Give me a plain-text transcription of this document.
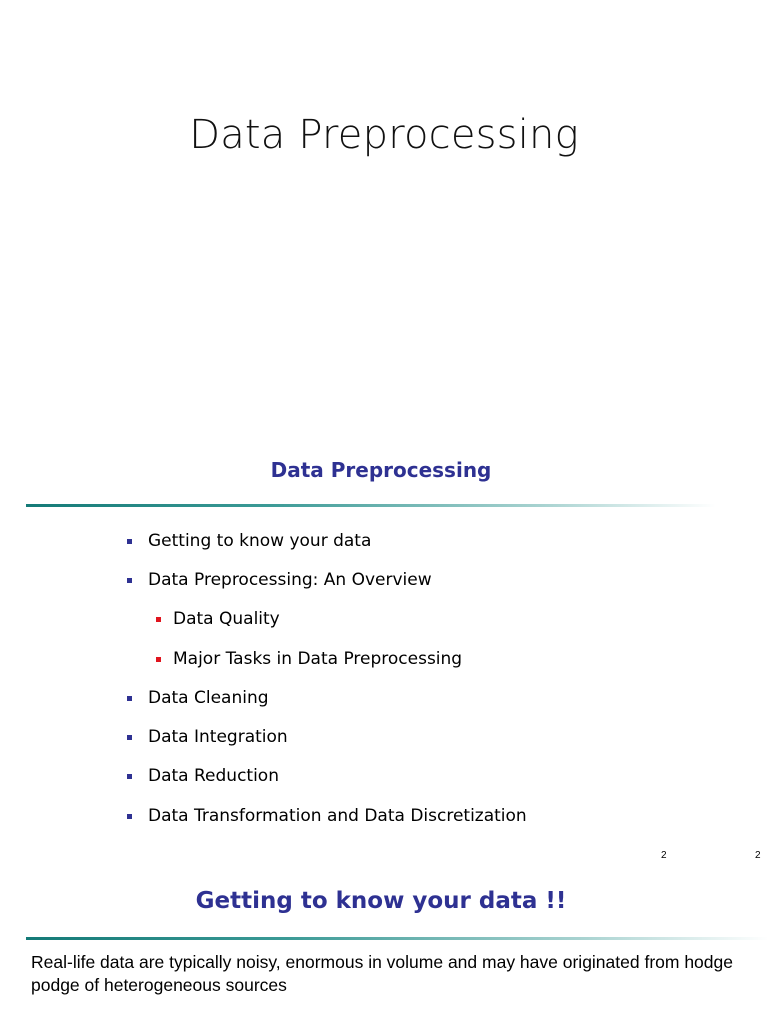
Data Preprocessing
Data Preprocessing
Getting to know your data
Data Preprocessing: An Overview
Data Quality
Major Tasks in Data Preprocessing
Data Cleaning
Data Integration
Data Reduction
Data Transformation and Data Discretization
2	2
Getting to know your data !!
Real-life data are typically noisy, enormous in volume and may have originated from hodge podge of heterogeneous sources
